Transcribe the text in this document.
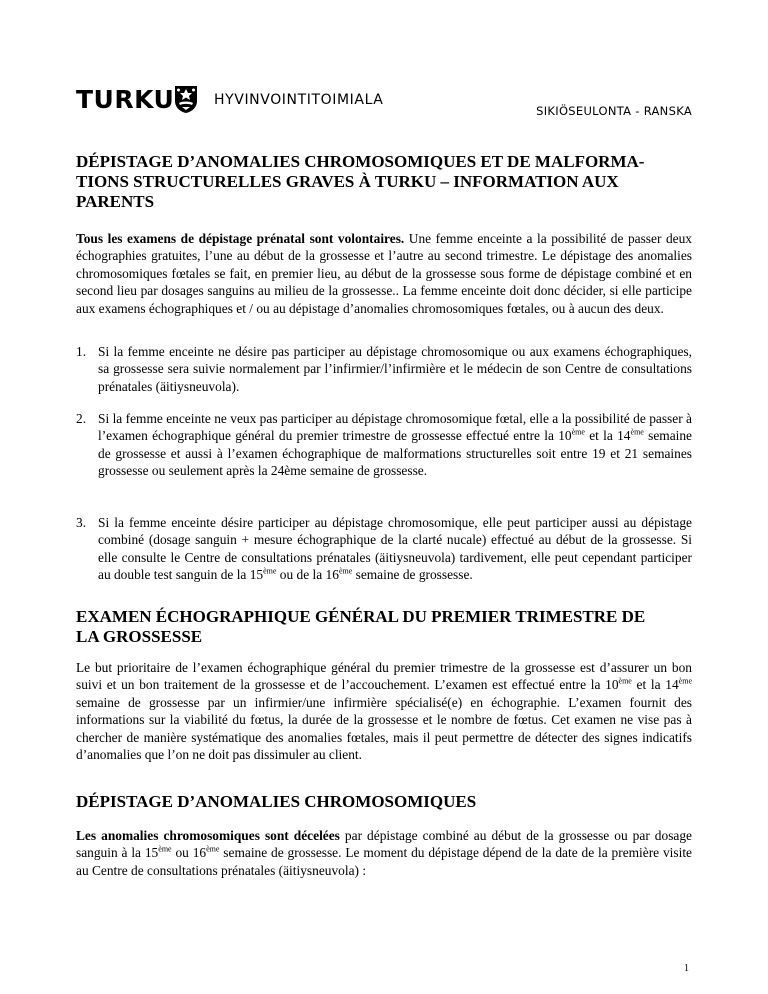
TURKU	HYVINVOINTITOIMIALA
SIKIÖSEULONTA - RANSKA
DÉPISTAGE D’ANOMALIES CHROMOSOMIQUES ET DE MALFORMA-
TIONS STRUCTURELLES GRAVES À TURKU – INFORMATION AUX
PARENTS

Tous les examens de dépistage prénatal sont volontaires. Une femme enceinte a la possibilité de passer deux échographies gratuites, l’une au début de la grossesse et l’autre au second trimestre. Le dépistage des anomalies chromosomiques fœtales se fait, en premier lieu, au début de la grossesse sous forme de dépistage combiné et en second lieu par dosages sanguins au milieu de la grossesse.. La femme enceinte doit donc décider, si elle participe aux examens échographiques et / ou au dépistage d’anomalies chromosomiques fœtales, ou à aucun des deux.

1. Si la femme enceinte ne désire pas participer au dépistage chromosomique ou aux examens échographiques, sa grossesse sera suivie normalement par l’infirmier/l’infirmière et le médecin de son Centre de consultations prénatales (äitiysneuvola).
2. Si la femme enceinte ne veux pas participer au dépistage chromosomique fœtal, elle a la possibilité de passer à l’examen échographique général du premier trimestre de grossesse effectué entre la 10ème et la 14ème semaine de grossesse et aussi à l’examen échographique de malformations structurelles soit entre 19 et 21 semaines grossesse ou seulement après la 24ème semaine de grossesse.
3. Si la femme enceinte désire participer au dépistage chromosomique, elle peut participer aussi au dépistage combiné (dosage sanguin + mesure échographique de la clarté nucale) effectué au début de la grossesse. Si elle consulte le Centre de consultations prénatales (äitiysneuvola) tardivement, elle peut cependant participer au double test sanguin de la 15ème ou de la 16ème semaine de grossesse.
EXAMEN ÉCHOGRAPHIQUE GÉNÉRAL DU PREMIER TRIMESTRE DE
LA GROSSESSE

Le but prioritaire de l’examen échographique général du premier trimestre de la grossesse est d’assurer un bon suivi et un bon traitement de la grossesse et de l’accouchement. L’examen est effectué entre la 10ème et la 14ème semaine de grossesse par un infirmier/une infirmière spécialisé(e) en échographie. L’examen fournit des informations sur la viabilité du fœtus, la durée de la grossesse et le nombre de fœtus. Cet examen ne vise pas à chercher de manière systématique des anomalies fœtales, mais il peut permettre de détecter des signes indicatifs d’anomalies que l’on ne doit pas dissimuler au client.

DÉPISTAGE D’ANOMALIES CHROMOSOMIQUES

Les anomalies chromosomiques sont décelées par dépistage combiné au début de la grossesse ou par dosage sanguin à la 15ème ou 16ème semaine de grossesse. Le moment du dépistage dépend de la date de la première visite au Centre de consultations prénatales (äitiysneuvola) :

1
